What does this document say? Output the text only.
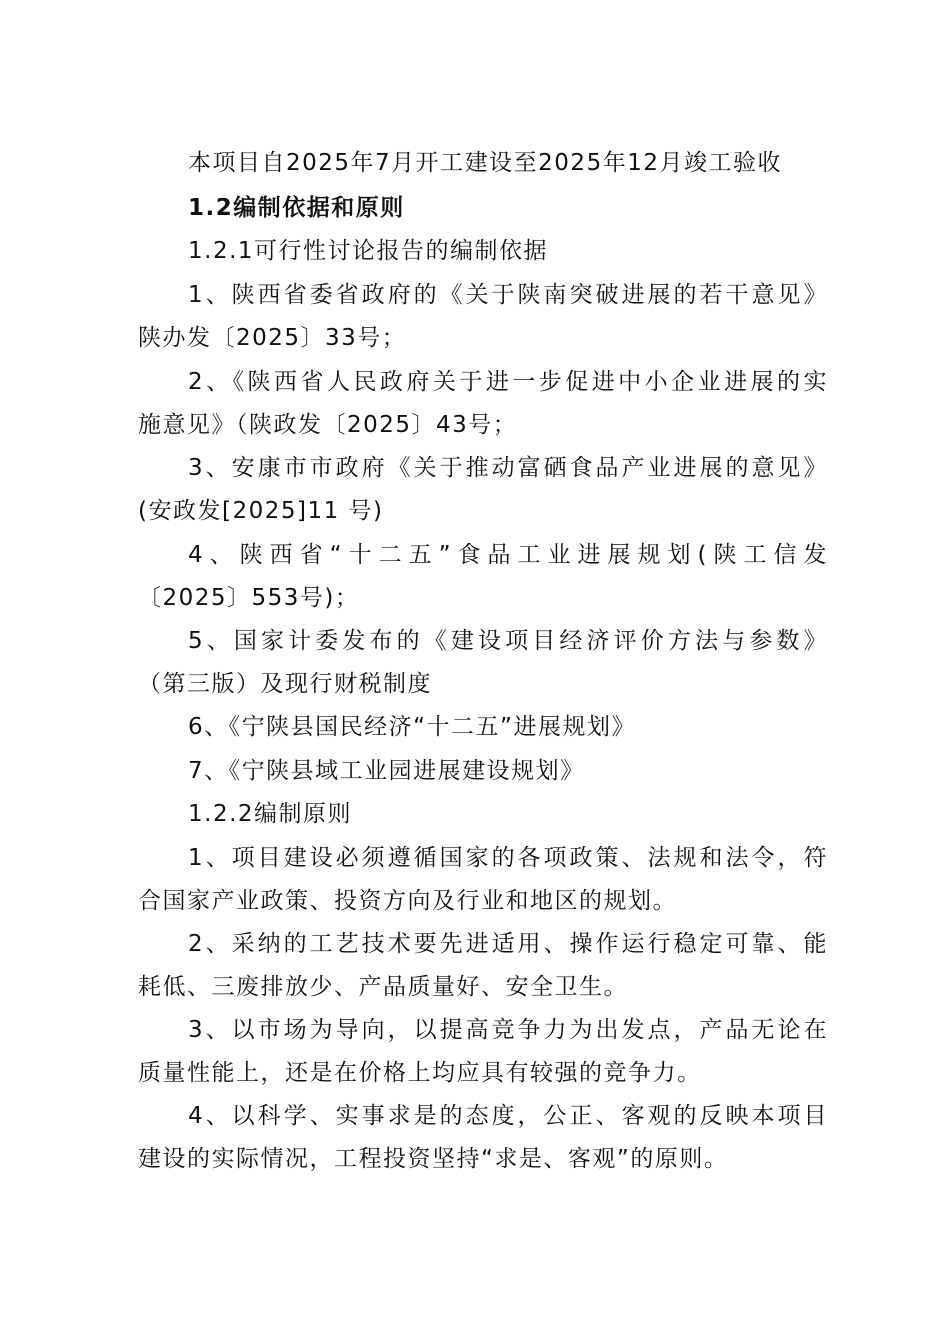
本项目自2025年7月开工建设至2025年12月竣工验收
1.2编制依据和原则
1.2.1可行性讨论报告的编制依据
1、陕西省委省政府的《关于陕南突破进展的若干意见》
陕办发〔2025〕33号；
2、《陕西省人民政府关于进一步促进中小企业进展的实
施意见》（陕政发〔2025〕43号；
3、安康市市政府《关于推动富硒食品产业进展的意见》
(安政发[2025]11 号)
4、陕西省“十二五”食品工业进展规划(陕工信发
〔2025〕553号)；
5、国家计委发布的《建设项目经济评价方法与参数》
（第三版）及现行财税制度
6、《宁陕县国民经济“十二五”进展规划》
7、《宁陕县域工业园进展建设规划》
1.2.2编制原则
1、项目建设必须遵循国家的各项政策、法规和法令，符
合国家产业政策、投资方向及行业和地区的规划。
2、采纳的工艺技术要先进适用、操作运行稳定可靠、能
耗低、三废排放少、产品质量好、安全卫生。
3、以市场为导向，以提高竞争力为出发点，产品无论在
质量性能上，还是在价格上均应具有较强的竞争力。
4、以科学、实事求是的态度，公正、客观的反映本项目
建设的实际情况，工程投资坚持“求是、客观”的原则。
